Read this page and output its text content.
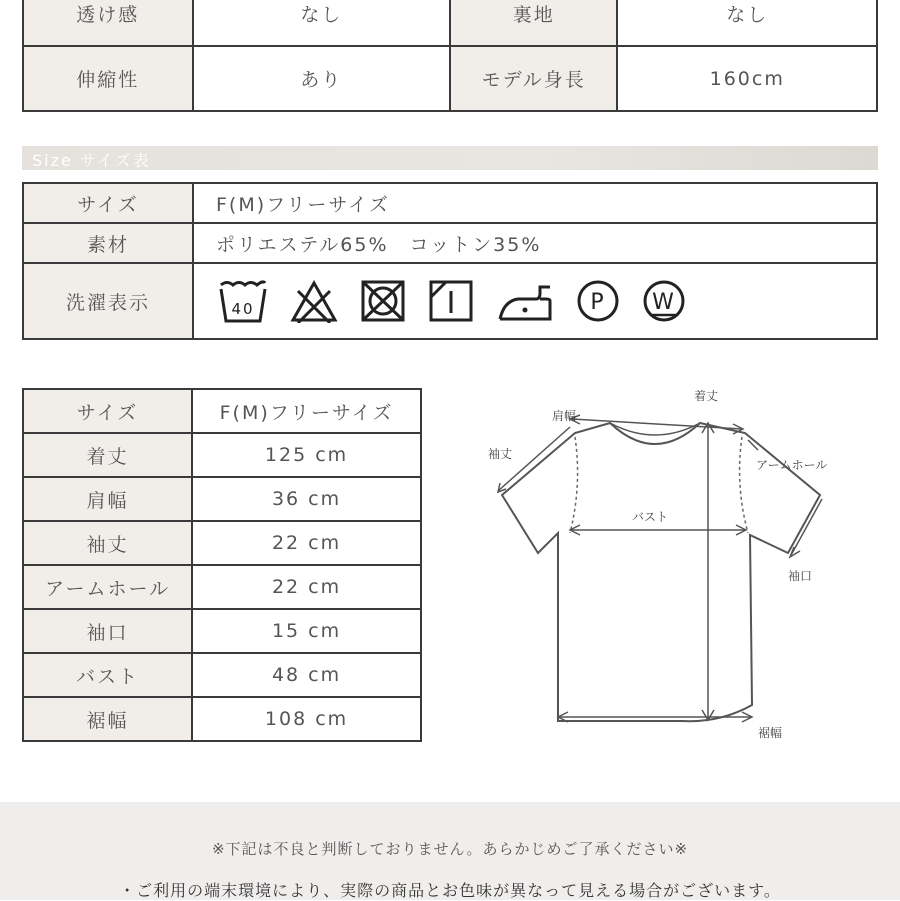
透け感	なし	裏地	なし
伸縮性	あり	モデル身長	160cm
Size サイズ表
サイズ	F(M)フリーサイズ
素材	ポリエステル65%　コットン35%
洗濯表示	40 P W
サイズ	F(M)フリーサイズ
着丈	125 cm
肩幅	36 cm
袖丈	22 cm
アームホール	22 cm
袖口	15 cm
バスト	48 cm
裾幅	108 cm
着丈
肩幅
袖丈
アームホール
バスト
袖口
裾幅
※下記は不良と判断しておりません。あらかじめご了承ください※
・ご利用の端末環境により、実際の商品とお色味が異なって見える場合がございます。
